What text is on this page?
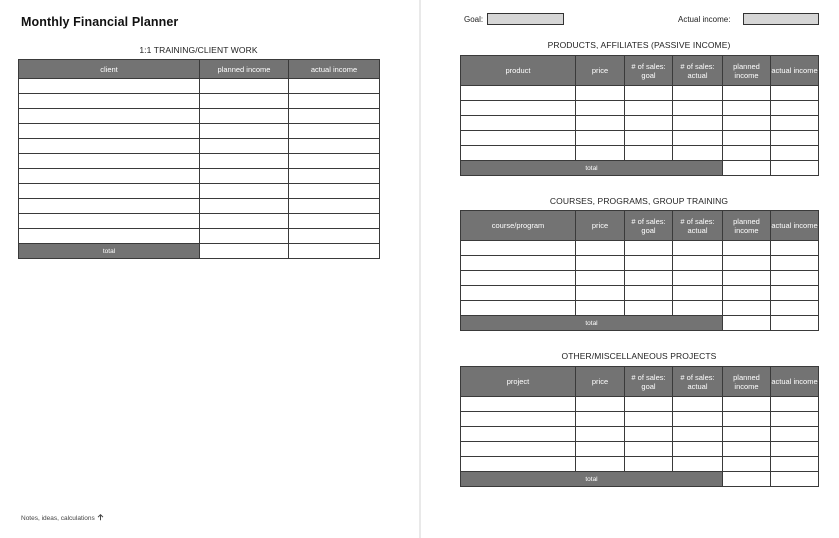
Monthly Financial Planner
1:1 TRAINING/CLIENT WORK
client	planned income	actual income

total		
Notes, ideas, calculations
Goal:	Actual income:
PRODUCTS, AFFILIATES (PASSIVE INCOME)
product	price	# of sales: goal	# of sales: actual	planned income	actual income

total					
COURSES, PROGRAMS, GROUP TRAINING
course/program	price	# of sales: goal	# of sales: actual	planned income	actual income

total					
OTHER/MISCELLANEOUS PROJECTS
project	price	# of sales: goal	# of sales: actual	planned income	actual income

total					
